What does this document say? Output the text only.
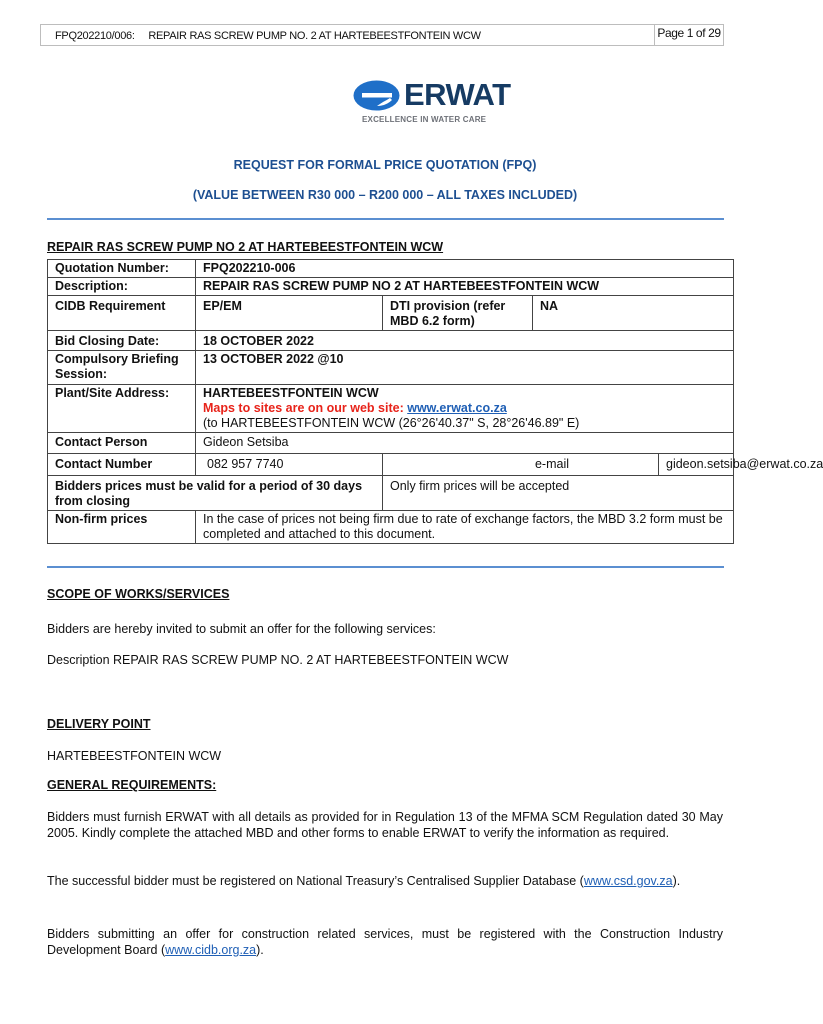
FPQ202210/006:     REPAIR RAS SCREW PUMP NO. 2 AT HARTEBEESTFONTEIN WCW	Page 1 of 29
ERWAT
EXCELLENCE IN WATER CARE
REQUEST FOR FORMAL PRICE QUOTATION (FPQ)
(VALUE BETWEEN R30 000 – R200 000 – ALL TAXES INCLUDED)
REPAIR RAS SCREW PUMP NO 2 AT HARTEBEESTFONTEIN WCW
Quotation Number:	FPQ202210-006			
Description:	REPAIR RAS SCREW PUMP NO 2 AT HARTEBEESTFONTEIN WCW			
CIDB Requirement	EP/EM	DTI provision (refer MBD 6.2 form)	NA	
Bid Closing Date:	18 OCTOBER 2022			
Compulsory Briefing Session:	13 OCTOBER 2022 @10			
Plant/Site Address:	HARTEBEESTFONTEIN WCW
Maps to sites are on our web site: www.erwat.co.za
(to HARTEBEESTFONTEIN WCW (26°26'40.37" S, 28°26'46.89" E)			

Contact Person	Gideon Setsiba			
Contact Number	082 957 7740	e-mail		gideon.setsiba@erwat.co.za
Bidders prices must be valid for a period of 30 days from closing		Only firm prices will be accepted		
Non-firm prices	In the case of prices not being firm due to rate of exchange factors, the MBD 3.2 form must be completed and attached to this document.			
SCOPE OF WORKS/SERVICES
Bidders are hereby invited to submit an offer for the following services:
Description REPAIR RAS SCREW PUMP NO. 2 AT HARTEBEESTFONTEIN WCW
DELIVERY POINT
HARTEBEESTFONTEIN WCW
GENERAL REQUIREMENTS:
Bidders must furnish ERWAT with all details as provided for in Regulation 13 of the MFMA SCM Regulation dated 30 May 2005. Kindly complete the attached MBD and other forms to enable ERWAT to verify the information as required.
The successful bidder must be registered on National Treasury’s Centralised Supplier Database (www.csd.gov.za).
Bidders submitting an offer for construction related services, must be registered with the Construction Industry Development Board (www.cidb.org.za).
